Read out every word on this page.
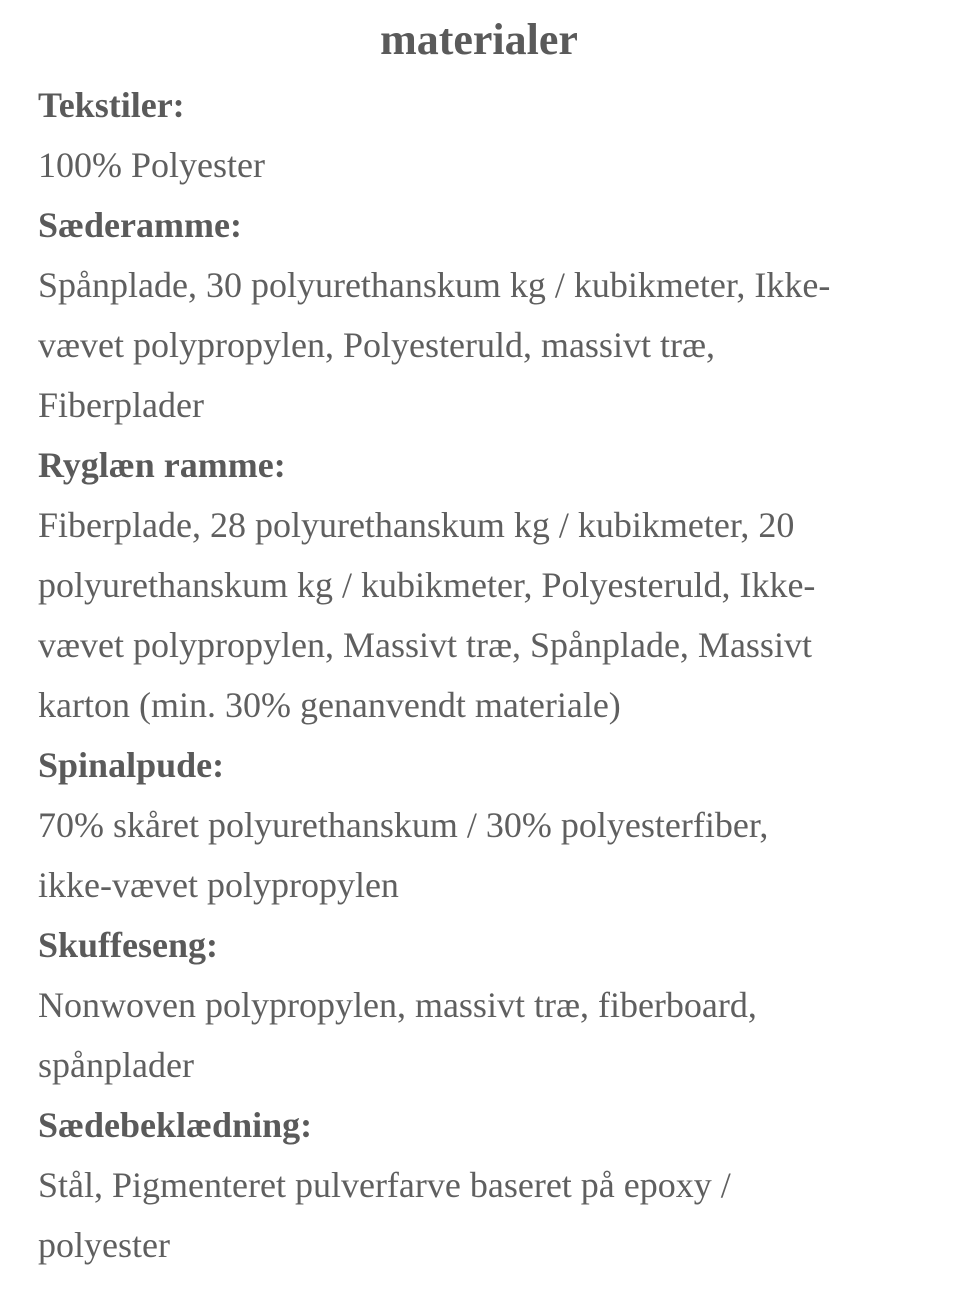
materialer

Tekstiler:

100% Polyester

Sæderamme:

Spånplade, 30 polyurethanskum kg / kubikmeter, Ikke-

vævet polypropylen, Polyesteruld, massivt træ,

Fiberplader

Ryglæn ramme:

Fiberplade, 28 polyurethanskum kg / kubikmeter, 20

polyurethanskum kg / kubikmeter, Polyesteruld, Ikke-

vævet polypropylen, Massivt træ, Spånplade, Massivt

karton (min. 30% genanvendt materiale)

Spinalpude:

70% skåret polyurethanskum / 30% polyesterfiber,

ikke-vævet polypropylen

Skuffeseng:

Nonwoven polypropylen, massivt træ, fiberboard,

spånplader

Sædebeklædning:

Stål, Pigmenteret pulverfarve baseret på epoxy /

polyester
